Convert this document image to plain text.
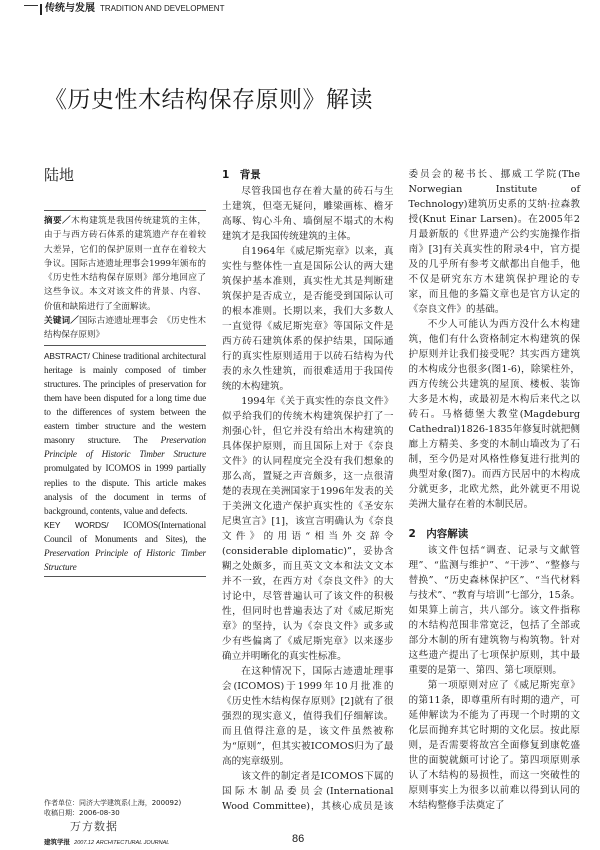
传统与发展 TRADITION AND DEVELOPMENT
《历史性木结构保存原则》解读
陆地
摘要／木构建筑是我国传统建筑的主体，由于与西方砖石体系的建筑遗产存在着较大差异，它们的保护原则一直存在着较大争议。国际古迹遗址理事会1999年颁布的《历史性木结构保存原则》部分地回应了这些争议。本文对该文件的背景、内容、价值和缺陷进行了全面解读。
关键词／国际古迹遗址理事会　《历史性木结构保存原则》
ABSTRACT/ Chinese traditional architectural heritage is mainly composed of timber structures. The principles of preservation for them have been disputed for a long time due to the differences of system between the eastern timber structure and the western masonry structure. The Preservation Principle of Historic Timber Structure promulgated by ICOMOS in 1999 partially replies to the dispute. This article makes analysis of the document in terms of background, contents, value and defects.
KEY WORDS/ ICOMOS(International Council of Monuments and Sites), the Preservation Principle of Historic Timber Structure
作者单位：同济大学建筑系(上海，200092)
收稿日期：2006-08-30
万方数据
建筑学报 2007.12 ARCHITECTURAL JOURNAL
1　背景

尽管我国也存在着大量的砖石与生土建筑，但毫无疑问，雕梁画栋、檐牙高啄、钩心斗角、墙倒屋不塌式的木构建筑才是我国传统建筑的主体。

自1964年《威尼斯宪章》以来，真实性与整体性一直是国际公认的两大建筑保护基本准则，真实性尤其是判断建筑保护是否成立，是否能受到国际认可的根本准则。长期以来，我们大多数人一直觉得《威尼斯宪章》等国际文件是西方砖石建筑体系的保护结果，国际通行的真实性原则适用于以砖石结构为代表的永久性建筑，而很难适用于我国传统的木构建筑。

1994年《关于真实性的奈良文件》似乎给我们的传统木构建筑保护打了一剂强心针，但它并没有给出木构建筑的具体保护原则，而且国际上对于《奈良文件》的认同程度完全没有我们想象的那么高，置疑之声音颇多，这一点很清楚的表现在美洲国家于1996年发表的关于美洲文化遗产保护真实性的《圣安东尼奥宣言》[1]，该宣言明确认为《奈良文件》的用语“相当外交辞令(considerable diplomatic)”，妥协含糊之处颇多，而且英文文本和法文文本并不一致，在西方对《奈良文件》的大讨论中，尽管普遍认可了该文件的积极性，但同时也普遍表达了对《威尼斯宪章》的坚持，认为《奈良文件》或多或少有些偏离了《威尼斯宪章》以来逐步确立并明晰化的真实性标准。

在这种情况下，国际古迹遗址理事会(ICOMOS)于1999年10月批准的《历史性木结构保存原则》[2]就有了很强烈的现实意义，值得我们仔细解读。而且值得注意的是，该文件虽然被称为“原则”，但其实被ICOMOS归为了最高的宪章级别。

该文件的制定者是ICOMOS下属的国际木制品委员会(International Wood Committee)，其核心成员是该委员会的秘书长、挪威工学院(The Norwegian Institute of Technology)建筑历史系的艾纳·拉森教授(Knut Einar Larsen)。在2005年2月最新版的《世界遗产公约实施操作指南》[3]有关真实性的附录4中，官方提及的几乎所有参考文献都出自他手，他不仅是研究东方木建筑保护理论的专家，而且他的多篇文章也是官方认定的《奈良文件》的基础。

不少人可能认为西方没什么木构建筑，他们有什么资格制定木构建筑的保护原则并让我们接受呢？其实西方建筑的木构成分也很多(图1-6)，除梁柱外，西方传统公共建筑的屋顶、楼板、装饰大多是木构，或最初是木构后来代之以砖石。马格德堡大教堂(Magdeburg Cathedral)1826-1835年修复时就把侧廊上方精美、多变的木制山墙改为了石制，至今仍是对风格性修复进行批判的典型对象(图7)。而西方民居中的木构成分就更多，北欧尤然，此外就更不用说美洲大量存在着的木制民居。

2　内容解读

该文件包括“调查、记录与文献管理”、“监测与维护”、“干涉”、“整修与替换”、“历史森林保护区”、“当代材料与技术”、“教育与培训”七部分，15条。如果算上前言，共八部分。该文件指称的木结构范围非常宽泛，包括了全部或部分木制的所有建筑物与构筑物。针对这些遗产提出了七项保护原则，其中最重要的是第一、第四、第七项原则。

第一项原则对应了《威尼斯宪章》的第11条，即尊重所有时期的遗产，可延伸解读为不能为了再现一个时期的文化层而抛弃其它时期的文化层。按此原则，是否需要将故宫全面修复到康乾盛世的面貌就颇可讨论了。第四项原则承认了木结构的易损性，而这一突破性的原则事实上为很多以前难以得到认同的木结构整修手法奠定了

86
